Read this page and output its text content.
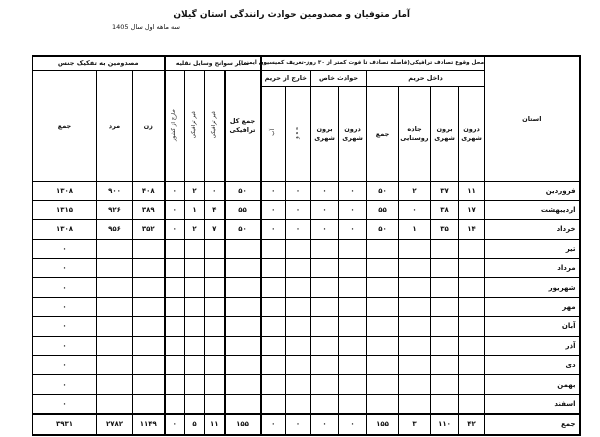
آمار متوفیان و مصدومین حوادث رانندگی استان گیلان
سه ماهه اول سال 1405
استان	محل وقوع تصادف ترافیکی(فاصله تصادف تا فوت کمتر از ۳۰ روز-تعریف کمیسیون ایمنی)								سایر سوانح وسایل نقلیه				مصدومین به تفکیک جنس		
	داخل حریم				حوادث خاص		خارج از حریم		جمع کل ترافیکی	غیر ترافیکی	غیر ترافیکی	خارج از کشور	زن	مرد	جمع
	درون شهری	برون شهری	جاده روستایی	جمع	درون شهری	برون شهری	ه ه و	آب							
فروردین	۱۱	۳۷	۲	۵۰	۰	۰	۰	۰	۵۰	۰	۲	۰	۴۰۸	۹۰۰	۱۳۰۸
اردیبهشت	۱۷	۳۸	۰	۵۵	۰	۰	۰	۰	۵۵	۴	۱	۰	۳۸۹	۹۲۶	۱۳۱۵
خرداد	۱۴	۳۵	۱	۵۰	۰	۰	۰	۰	۵۰	۷	۲	۰	۳۵۲	۹۵۶	۱۳۰۸
تیر															۰
مرداد															۰
شهریور															۰
مهر															۰
آبان															۰
آذر															۰
دی															۰
بهمن															۰
اسفند															۰
جمع	۴۲	۱۱۰	۳	۱۵۵	۰	۰	۰	۰	۱۵۵	۱۱	۵	۰	۱۱۴۹	۲۷۸۲	۳۹۳۱
